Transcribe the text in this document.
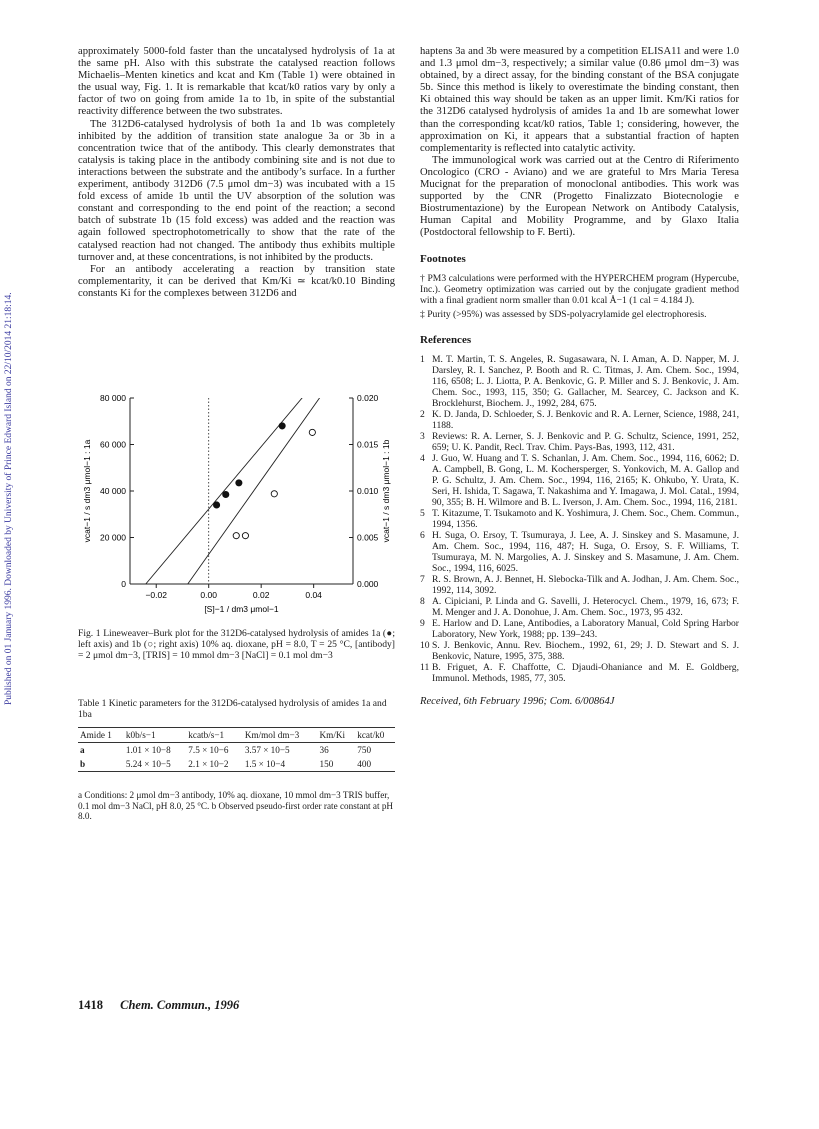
Published on 01 January 1996. Downloaded by University of Prince Edward Island on 22/10/2014 21:18:14.

approximately 5000-fold faster than the uncatalysed hydrolysis of 1a at the same pH. Also with this substrate the catalysed reaction follows Michaelis–Menten kinetics and kcat and Km (Table 1) were obtained in the usual way, Fig. 1. It is remarkable that kcat/k0 ratios vary by only a factor of two on going from amide 1a to 1b, in spite of the substantial reactivity difference between the two substrates.

The 312D6-catalysed hydrolysis of both 1a and 1b was completely inhibited by the addition of transition state analogue 3a or 3b in a concentration twice that of the antibody. This clearly demonstrates that catalysis is taking place in the antibody combining site and is not due to interactions between the substrate and the antibody’s surface. In a further experiment, antibody 312D6 (7.5 μmol dm−3) was incubated with a 15 fold excess of amide 1b until the UV absorption of the solution was constant and corresponding to the end point of the reaction; a second batch of substrate 1b (15 fold excess) was added and the reaction was again followed spectrophotometrically to show that the rate of the catalysed reaction had not changed. The antibody thus exhibits multiple turnover and, at these concentrations, is not inhibited by the products.

For an antibody accelerating a reaction by transition state complementarity, it can be derived that Km/Ki ≃ kcat/k0.10 Binding constants Ki for the complexes between 312D6 and

−0.02	0.00	0.02	0.04
0
20 000
40 000
60 000
80 000
0.000
0.005
0.010
0.015
0.020
[S]−1 / dm3 μmol−1
vcat−1 / s dm3 μmol−1 : 1a	vcat−1 / s dm3 μmol−1 : 1b
Fig. 1 Lineweaver–Burk plot for the 312D6-catalysed hydrolysis of amides 1a (●; left axis) and 1b (○; right axis) 10% aq. dioxane, pH = 8.0, T = 25 °C, [antibody] = 2 μmol dm−3, [TRIS] = 10 mmol dm−3 [NaCl] = 0.1 mol dm−3
Table 1 Kinetic parameters for the 312D6-catalysed hydrolysis of amides 1a and 1ba
Amide 1	k0b/s−1	kcatb/s−1	Km/mol dm−3	Km/Ki	kcat/k0
a	1.01 × 10−8	7.5 × 10−6	3.57 × 10−5	36	750
b	5.24 × 10−5	2.1 × 10−2	1.5 × 10−4	150	400
a Conditions: 2 μmol dm−3 antibody, 10% aq. dioxane, 10 mmol dm−3 TRIS buffer, 0.1 mol dm−3 NaCl, pH 8.0, 25 °C. b Observed pseudo-first order rate constant at pH 8.0.

haptens 3a and 3b were measured by a competition ELISA11 and were 1.0 and 1.3 μmol dm−3, respectively; a similar value (0.86 μmol dm−3) was obtained, by a direct assay, for the binding constant of the BSA conjugate 5b. Since this method is likely to overestimate the binding constant, then Ki obtained this way should be taken as an upper limit. Km/Ki ratios for the 312D6 catalysed hydrolysis of amides 1a and 1b are somewhat lower than the corresponding kcat/k0 ratios, Table 1; considering, however, the approximation on Ki, it appears that a substantial fraction of hapten complementarity is reflected into catalytic activity.

The immunological work was carried out at the Centro di Riferimento Oncologico (CRO - Aviano) and we are grateful to Mrs Maria Teresa Mucignat for the preparation of monoclonal antibodies. This work was supported by the CNR (Progetto Finalizzato Biotecnologie e Biostrumentazione) by the European Network on Antibody Catalysis, Human Capital and Mobility Programme, and by Glaxo Italia (Postdoctoral fellowship to F. Berti).

Footnotes

† PM3 calculations were performed with the HYPERCHEM program (Hypercube, Inc.). Geometry optimization was carried out by the conjugate gradient method with a final gradient norm smaller than 0.01 kcal Å−1 (1 cal = 4.184 J).

‡ Purity (>95%) was assessed by SDS-polyacrylamide gel electrophoresis.

References
1 M. T. Martin, T. S. Angeles, R. Sugasawara, N. I. Aman, A. D. Napper, M. J. Darsley, R. I. Sanchez, P. Booth and R. C. Titmas, J. Am. Chem. Soc., 1994, 116, 6508; L. J. Liotta, P. A. Benkovic, G. P. Miller and S. J. Benkovic, J. Am. Chem. Soc., 1993, 115, 350; G. Gallacher, M. Searcey, C. Jackson and K. Brocklehurst, Biochem. J., 1992, 284, 675.
2 K. D. Janda, D. Schloeder, S. J. Benkovic and R. A. Lerner, Science, 1988, 241, 1188.
3 Reviews: R. A. Lerner, S. J. Benkovic and P. G. Schultz, Science, 1991, 252, 659; U. K. Pandit, Recl. Trav. Chim. Pays-Bas, 1993, 112, 431.
4 J. Guo, W. Huang and T. S. Schanlan, J. Am. Chem. Soc., 1994, 116, 6062; D. A. Campbell, B. Gong, L. M. Kochersperger, S. Yonkovich, M. A. Gallop and P. G. Schultz, J. Am. Chem. Soc., 1994, 116, 2165; K. Ohkubo, Y. Urata, K. Seri, H. Ishida, T. Sagawa, T. Nakashima and Y. Imagawa, J. Mol. Catal., 1994, 90, 355; B. H. Wilmore and B. L. Iverson, J. Am. Chem. Soc., 1994, 116, 2181.
5 T. Kitazume, T. Tsukamoto and K. Yoshimura, J. Chem. Soc., Chem. Commun., 1994, 1356.
6 H. Suga, O. Ersoy, T. Tsumuraya, J. Lee, A. J. Sinskey and S. Masamune, J. Am. Chem. Soc., 1994, 116, 487; H. Suga, O. Ersoy, S. F. Williams, T. Tsumuraya, M. N. Margolies, A. J. Sinskey and S. Masamune, J. Am. Chem. Soc., 1994, 116, 6025.
7 R. S. Brown, A. J. Bennet, H. Slebocka-Tilk and A. Jodhan, J. Am. Chem. Soc., 1992, 114, 3092.
8 A. Cipiciani, P. Linda and G. Savelli, J. Heterocycl. Chem., 1979, 16, 673; F. M. Menger and J. A. Donohue, J. Am. Chem. Soc., 1973, 95 432.
9 E. Harlow and D. Lane, Antibodies, a Laboratory Manual, Cold Spring Harbor Laboratory, New York, 1988; pp. 139–243.
10 S. J. Benkovic, Annu. Rev. Biochem., 1992, 61, 29; J. D. Stewart and S. J. Benkovic, Nature, 1995, 375, 388.
11 B. Friguet, A. F. Chaffotte, C. Djaudi-Ohaniance and M. E. Goldberg, Immunol. Methods, 1985, 77, 305.

Received, 6th February 1996; Com. 6/00864J

1418 Chem. Commun., 1996
